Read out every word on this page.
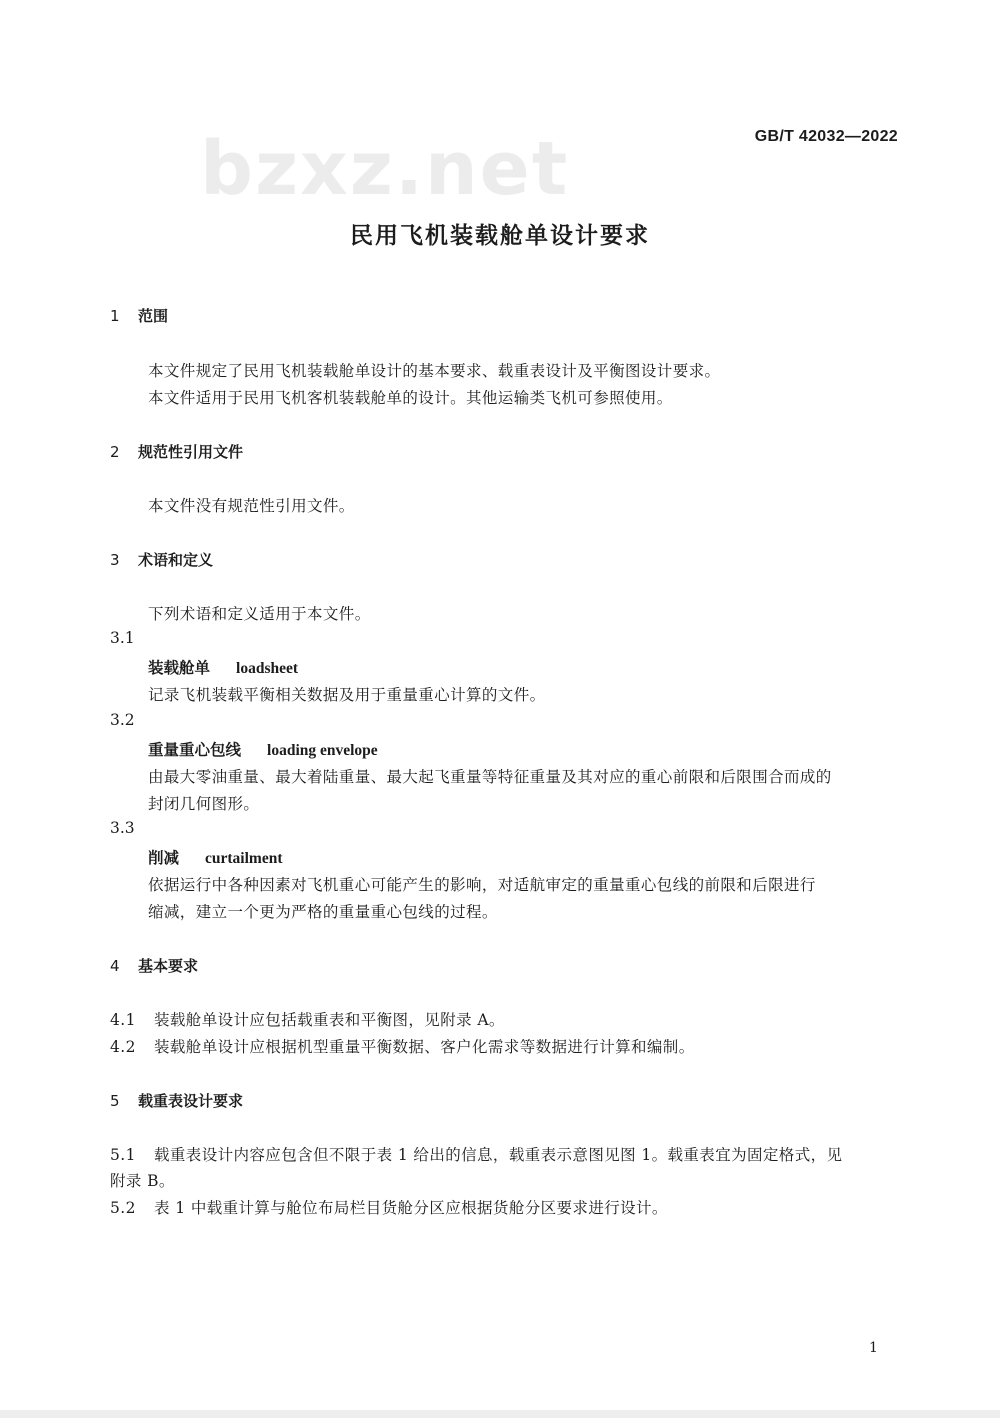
bzxz.net	GB/T 42032—2022
民用飞机装载舱单设计要求
1 范围
本文件规定了民用飞机装载舱单设计的基本要求、载重表设计及平衡图设计要求。
本文件适用于民用飞机客机装载舱单的设计。其他运输类飞机可参照使用。
2 规范性引用文件
本文件没有规范性引用文件。
3 术语和定义
下列术语和定义适用于本文件。
3.1
装载舱单 loadsheet
记录飞机装载平衡相关数据及用于重量重心计算的文件。
3.2
重量重心包线 loading envelope
由最大零油重量、最大着陆重量、最大起飞重量等特征重量及其对应的重心前限和后限围合而成的
封闭几何图形。
3.3
削减 curtailment
依据运行中各种因素对飞机重心可能产生的影响，对适航审定的重量重心包线的前限和后限进行
缩减，建立一个更为严格的重量重心包线的过程。
4 基本要求
4.1 装载舱单设计应包括载重表和平衡图，见附录 A。
4.2 装载舱单设计应根据机型重量平衡数据、客户化需求等数据进行计算和编制。
5 载重表设计要求
5.1 载重表设计内容应包含但不限于表 1 给出的信息，载重表示意图见图 1。载重表宜为固定格式，见
附录 B。
5.2 表 1 中载重计算与舱位布局栏目货舱分区应根据货舱分区要求进行设计。
1
